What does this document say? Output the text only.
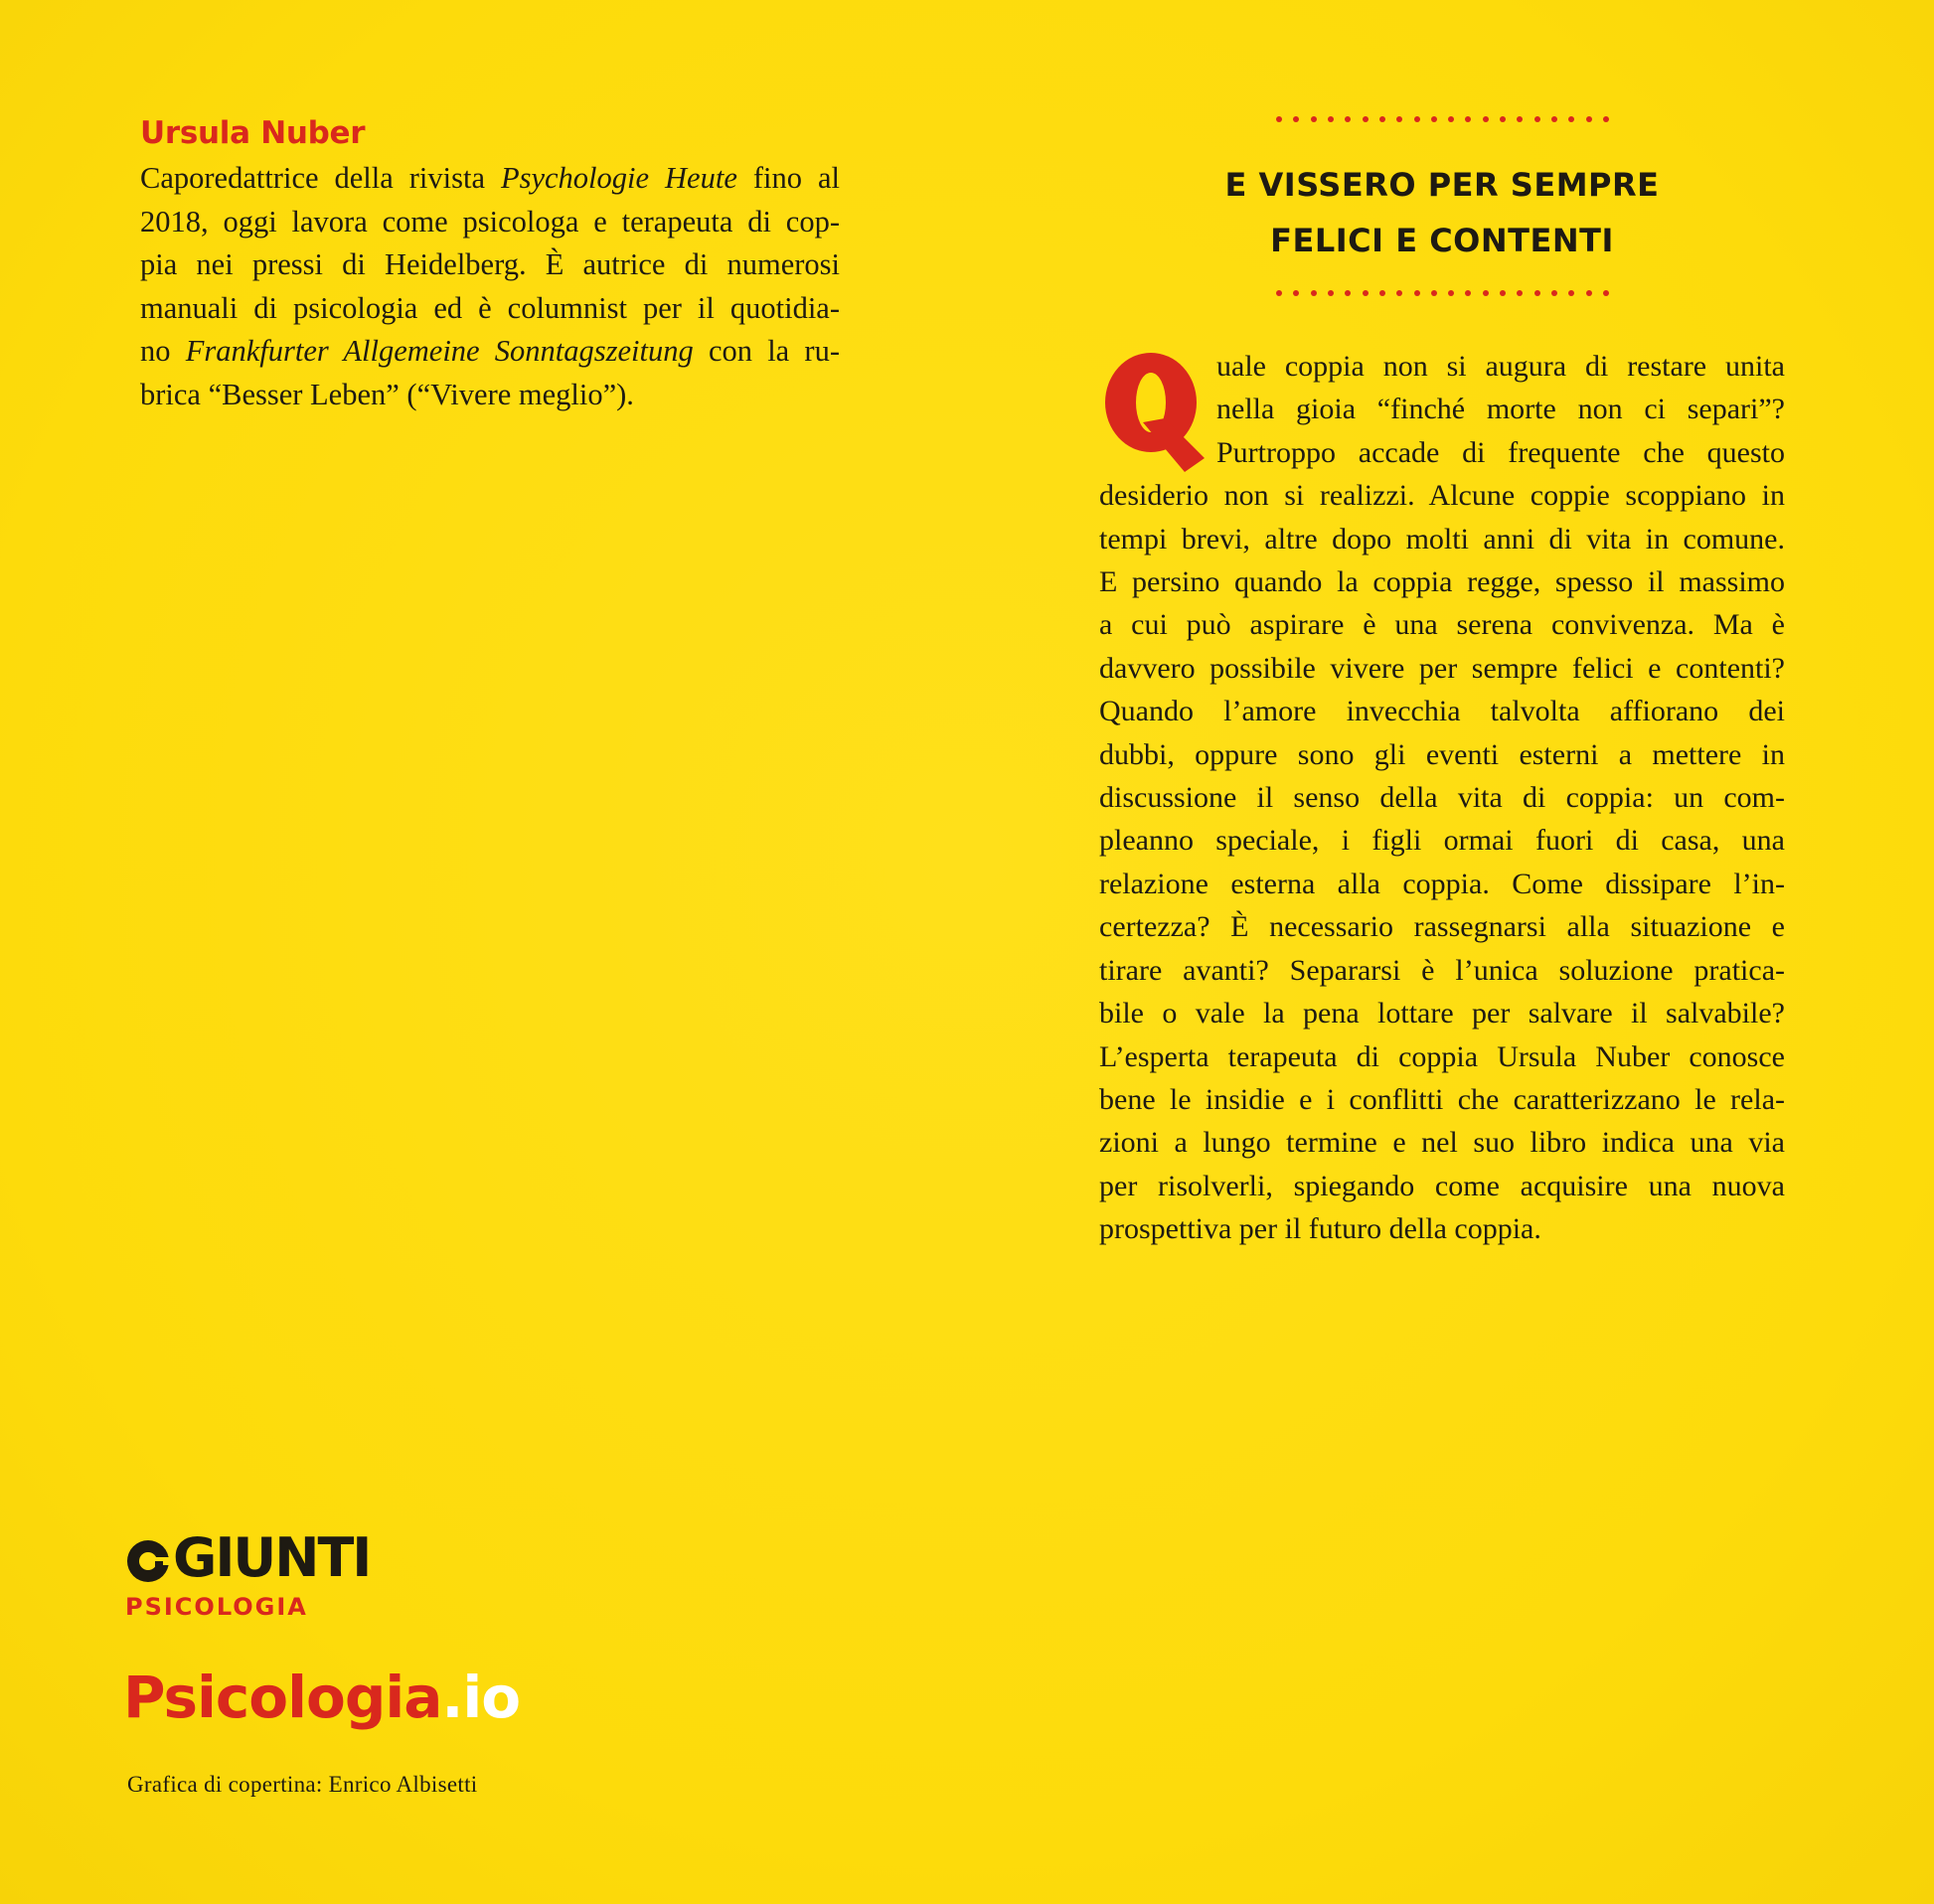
Ursula Nuber

Caporedattrice della rivista Psychologie Heute fino al
2018, oggi lavora come psicologa e terapeuta di cop-
pia nei pressi di Heidelberg. È autrice di numerosi
manuali di psicologia ed è columnist per il quotidia-
no Frankfurter Allgemeine Sonntagszeitung con la ru-
brica “Besser Leben” (“Vivere meglio”).

E VISSERO PER SEMPRE
FELICI E CONTENTI
Q

uale coppia non si augura di restare unita
nella gioia “finché morte non ci separi”?
Purtroppo accade di frequente che questo
desiderio non si realizzi. Alcune coppie scoppiano in
tempi brevi, altre dopo molti anni di vita in comune.
E persino quando la coppia regge, spesso il massimo
a cui può aspirare è una serena convivenza. Ma è
davvero possibile vivere per sempre felici e contenti?
Quando l’amore invecchia talvolta affiorano dei
dubbi, oppure sono gli eventi esterni a mettere in
discussione il senso della vita di coppia: un com-
pleanno speciale, i figli ormai fuori di casa, una
relazione esterna alla coppia. Come dissipare l’in-
certezza? È necessario rassegnarsi alla situazione e
tirare avanti? Separarsi è l’unica soluzione pratica-
bile o vale la pena lottare per salvare il salvabile?
L’esperta terapeuta di coppia Ursula Nuber conosce
bene le insidie e i conflitti che caratterizzano le rela-
zioni a lungo termine e nel suo libro indica una via
per risolverli, spiegando come acquisire una nuova
prospettiva per il futuro della coppia.

GIUNTI
PSICOLOGIA
Psicologia.io
Grafica di copertina: Enrico Albisetti
